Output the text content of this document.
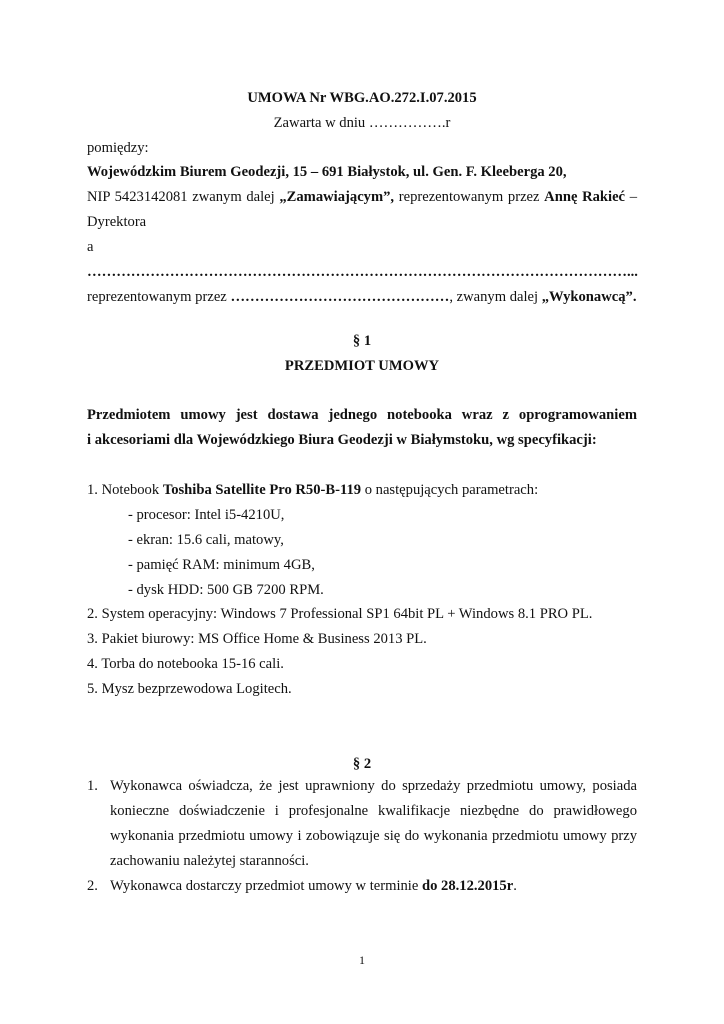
UMOWA Nr WBG.AO.272.I.07.2015
Zawarta w dniu …………….r
pomiędzy:
Wojewódzkim Biurem Geodezji, 15 – 691 Białystok, ul. Gen. F. Kleeberga 20,
NIP 5423142081 zwanym dalej „Zamawiającym”, reprezentowanym przez Annę Rakieć –
Dyrektora
a
…………………………………………………………………………………………………...
reprezentowanym przez ………………………………………, zwanym dalej „Wykonawcą”.
§ 1
PRZEDMIOT UMOWY
Przedmiotem umowy jest dostawa jednego notebooka wraz z oprogramowaniem
i akcesoriami dla Wojewódzkiego Biura Geodezji w Białymstoku, wg specyfikacji:
1. Notebook Toshiba Satellite Pro R50-B-119 o następujących parametrach:
- procesor: Intel i5-4210U,
- ekran: 15.6 cali, matowy,
- pamięć RAM: minimum 4GB,
- dysk HDD: 500 GB 7200 RPM.
2. System operacyjny: Windows 7 Professional SP1 64bit PL + Windows 8.1 PRO PL.
3. Pakiet biurowy: MS Office Home & Business 2013 PL.
4. Torba do notebooka 15-16 cali.
5. Mysz bezprzewodowa Logitech.
§ 2
1. Wykonawca oświadcza, że jest uprawniony do sprzedaży przedmiotu umowy, posiada
konieczne doświadczenie i profesjonalne kwalifikacje niezbędne do prawidłowego
wykonania przedmiotu umowy i zobowiązuje się do wykonania przedmiotu umowy przy
zachowaniu należytej staranności.
2. Wykonawca dostarczy przedmiot umowy w terminie do 28.12.2015r.
1
